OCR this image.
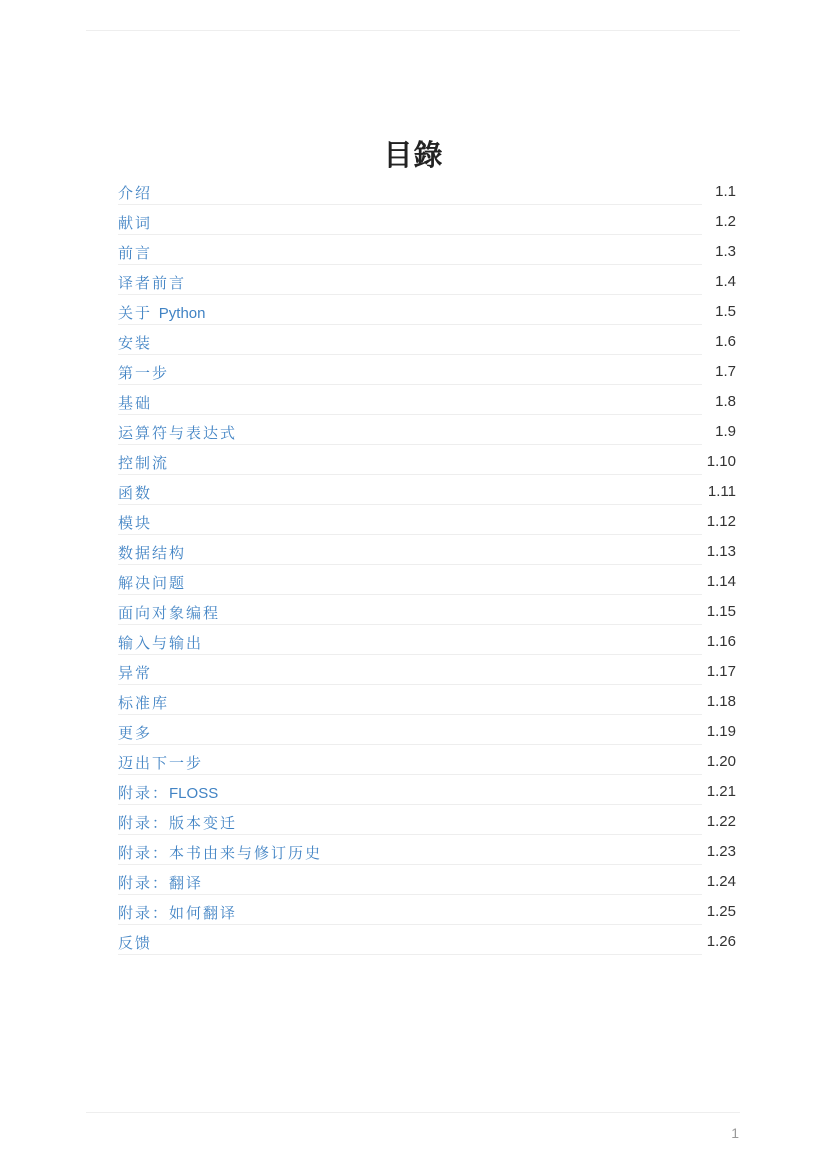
目錄
介绍	1.1
献词	1.2
前言	1.3
译者前言	1.4
关于 Python	1.5
安装	1.6
第一步	1.7
基础	1.8
运算符与表达式	1.9
控制流	1.10
函数	1.11
模块	1.12
数据结构	1.13
解决问题	1.14
面向对象编程	1.15
输入与输出	1.16
异常	1.17
标准库	1.18
更多	1.19
迈出下一步	1.20
附录：FLOSS	1.21
附录：版本变迁	1.22
附录：本书由来与修订历史	1.23
附录：翻译	1.24
附录：如何翻译	1.25
反馈	1.26
1
